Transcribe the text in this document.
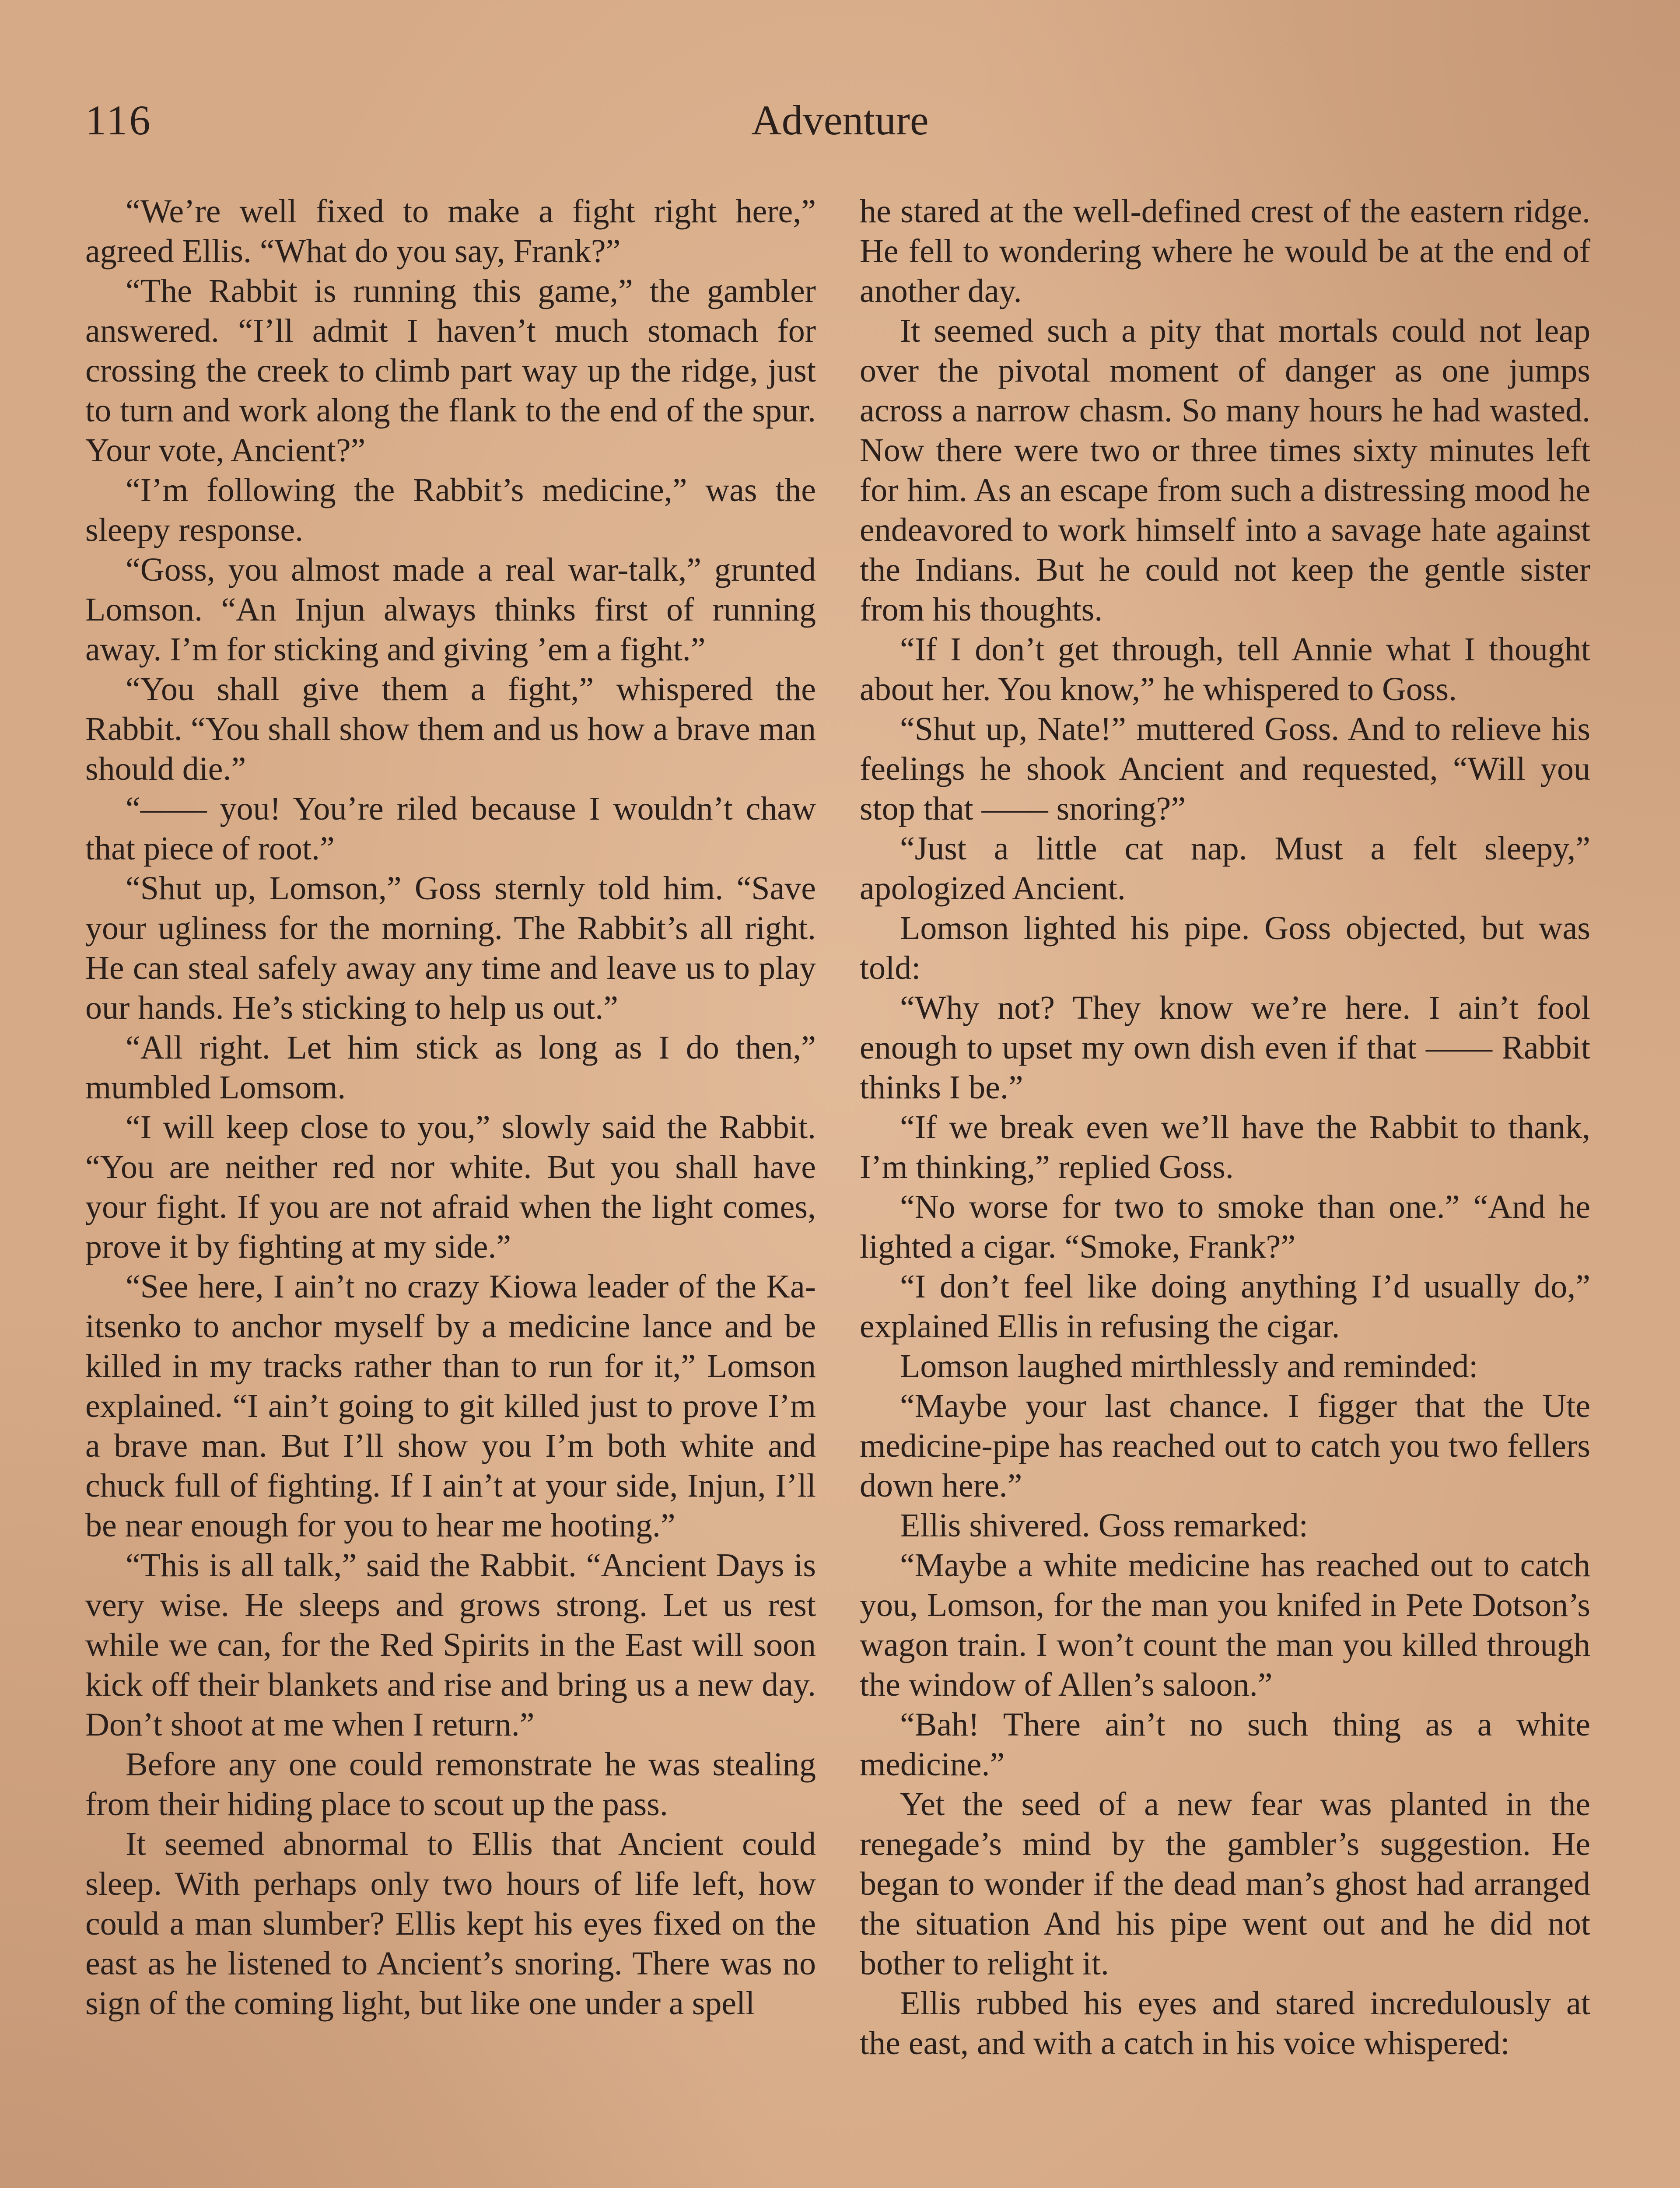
116	Adventure

“We’re well fixed to make a fight right here,” agreed Ellis. “What do you say, Frank?”

“The Rabbit is running this game,” the gambler answered. “I’ll admit I haven’t much stomach for crossing the creek to climb part way up the ridge, just to turn and work along the flank to the end of the spur. Your vote, Ancient?”

“I’m following the Rabbit’s medicine,” was the sleepy response.

“Goss, you almost made a real war-talk,” grunted Lomson. “An Injun always thinks first of running away. I’m for sticking and giving ’em a fight.”

“You shall give them a fight,” whispered the Rabbit. “You shall show them and us how a brave man should die.”

“—— you! You’re riled because I wouldn’t chaw that piece of root.”

“Shut up, Lomson,” Goss sternly told him. “Save your ugliness for the morning. The Rabbit’s all right. He can steal safely away any time and leave us to play our hands. He’s sticking to help us out.”

“All right. Let him stick as long as I do then,” mumbled Lomsom.

“I will keep close to you,” slowly said the Rabbit. “You are neither red nor white. But you shall have your fight. If you are not afraid when the light comes, prove it by fighting at my side.”

“See here, I ain’t no crazy Kiowa leader of the Ka-itsenko to anchor myself by a medicine lance and be killed in my tracks rather than to run for it,” Lomson explained. “I ain’t going to git killed just to prove I’m a brave man. But I’ll show you I’m both white and chuck full of fighting. If I ain’t at your side, Injun, I’ll be near enough for you to hear me hooting.”

“This is all talk,” said the Rabbit. “Ancient Days is very wise. He sleeps and grows strong. Let us rest while we can, for the Red Spirits in the East will soon kick off their blankets and rise and bring us a new day. Don’t shoot at me when I return.”

Before any one could remonstrate he was stealing from their hiding place to scout up the pass.

It seemed abnormal to Ellis that Ancient could sleep. With perhaps only two hours of life left, how could a man slumber? Ellis kept his eyes fixed on the east as he listened to Ancient’s snoring. There was no sign of the coming light, but like one under a spell

he stared at the well-defined crest of the eastern ridge. He fell to wondering where he would be at the end of another day.

It seemed such a pity that mortals could not leap over the pivotal moment of danger as one jumps across a narrow chasm. So many hours he had wasted. Now there were two or three times sixty minutes left for him. As an escape from such a distressing mood he endeavored to work himself into a savage hate against the Indians. But he could not keep the gentle sister from his thoughts.

“If I don’t get through, tell Annie what I thought about her. You know,” he whispered to Goss.

“Shut up, Nate!” muttered Goss. And to relieve his feelings he shook Ancient and requested, “Will you stop that —— snoring?”

“Just a little cat nap. Must a felt sleepy,” apologized Ancient.

Lomson lighted his pipe. Goss objected, but was told:

“Why not? They know we’re here. I ain’t fool enough to upset my own dish even if that —— Rabbit thinks I be.”

“If we break even we’ll have the Rabbit to thank, I’m thinking,” replied Goss.

“No worse for two to smoke than one.” “And he lighted a cigar. “Smoke, Frank?”

“I don’t feel like doing anything I’d usually do,” explained Ellis in refusing the cigar.

Lomson laughed mirthlessly and reminded:

“Maybe your last chance. I figger that the Ute medicine-pipe has reached out to catch you two fellers down here.”

Ellis shivered. Goss remarked:

“Maybe a white medicine has reached out to catch you, Lomson, for the man you knifed in Pete Dotson’s wagon train. I won’t count the man you killed through the window of Allen’s saloon.”

“Bah! There ain’t no such thing as a white medicine.”

Yet the seed of a new fear was planted in the renegade’s mind by the gambler’s suggestion. He began to wonder if the dead man’s ghost had arranged the situation And his pipe went out and he did not bother to relight it.

Ellis rubbed his eyes and stared incredulously at the east, and with a catch in his voice whispered:
